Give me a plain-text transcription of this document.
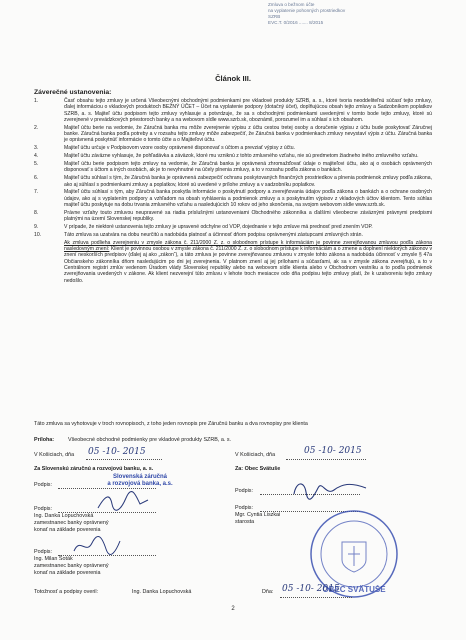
Zmluva o bežnom účte
na vyplatenie pohonných prostriedkov
SZRB
EVC.T. 0/2016 ....... 8/2015
Článok III.
Záverečné ustanovenia:
1.	Časť obsahu tejto zmluvy je určená Všeobecnými obchodnými podmienkami pre vkladové produkty SZRB, a. s., ktoré tvoria neoddeliteľnú súčasť tejto zmluvy, ďalej informáciou o vkladových produktoch BEŽNÝ ÚČET – Účet na vyplatenie podpory (dotačný účet), doplňujúcou obsah tejto zmluvy a Sadzobníkom poplatkov SZRB, a. s. Majiteľ účtu podpisom tejto zmluvy vyhlasuje a potvrdzuje, že sa s obchodnými podmienkami uvedenými v tomto bode tejto zmluvy, ktoré sú zverejnené v prevádzkových priestoroch banky a na webovom sídle www.szrb.sk, oboznámil, porozumel im a súhlasí s ich obsahom.
2.	Majiteľ účtu berie na vedomie, že Záručná banka mu môže zverejnenie výpisu z účtu cestou tretej osoby a doručenie výpisu z účtu bude poskytovať Záručnej banke. Záručná banka podľa potreby a v rozsahu tejto zmluvy môže zabezpečiť, že Záručná banka v podmienkach zmluvy nevystaví výpis z účtu. Záručná banka je oprávnená poskytnúť informácie o tomto účte a o Majiteľovi účtu.
3.	Majiteľ účtu určuje v Podpisovom vzore osoby oprávnené disponovať s účtom a prevziať výpisy z účtu.
4.	Majiteľ účtu záväzne vyhlasuje, že pohľadávka a záväzok, ktoré mu vzniknú z tohto zmluvného vzťahu, nie sú predmetom žiadneho iného zmluvného vzťahu.
5.	Majiteľ účtu berie podpisom tejto zmluvy na vedomie, že Záručná banka je oprávnená zhromažďovať údaje o majiteľovi účtu, ako aj o osobách oprávnených disponovať s účtom a iných osobách, ak je to nevyhnutné na účely plnenia zmluvy, a to v rozsahu podľa zákona o bankách.
6.	Majiteľ účtu súhlasí s tým, že Záručná banka je oprávnená zabezpečiť ochranu poskytovaných finančných prostriedkov a plnenia podmienok zmluvy podľa zákona, ako aj súhlasí s podmienkami zmluvy a poplatkov, ktoré sú uvedené v prílohe zmluvy a v sadzobníku poplatkov.
7.	Majiteľ účtu súhlasí s tým, aby Záručná banka poskytla informácie o poskytnutí podpory a zverejňovania údajov podľa zákona o bankách a o ochrane osobných údajov, ako aj s vyplatením podpory a vzhľadom na obsah vyhlásenia a podmienok zmluvy a s poskytnutím výpisov z vkladových účtov klientom. Tento súhlas majiteľ účtu poskytuje na dobu trvania zmluvného vzťahu a nasledujúcich 10 rokov od jeho skončenia, na svojom webovom sídle www.szrb.sk.
8.	Právne vzťahy touto zmluvou neupravené sa riadia príslušnými ustanoveniami Obchodného zákonníka a ďalšími všeobecne záväznými právnymi predpismi platnými na území Slovenskej republiky.
9.	V prípade, že niektoré ustanovenia tejto zmluvy je upravené odchylne od VOP, dojednanie v tejto zmluve má prednosť pred znením VOP.
10.	Táto zmluva sa uzatvára na dobu neurčitú a nadobúda platnosť a účinnosť dňom podpisu oprávnenými zástupcami zmluvných strán.
Ak zmluva podlieha zverejneniu v zmysle zákona č. 211/2000 Z. z. o slobodnom prístupe k informáciám je povinne zverejňovanou zmluvou podľa zákona nasledovným znení: Klient je povinnou osobou v zmysle zákona č. 211/2000 Z. z. o slobodnom prístupe k informáciám a o zmene a doplnení niektorých zákonov v znení neskorších predpisov (ďalej aj ako „zákon“), a táto zmluva je povinne zverejňovanou zmluvou v zmysle tohto zákona a nadobúda účinnosť v zmysle § 47a Občianskeho zákonníka dňom nasledujúcim po dni jej zverejnenia. V platnom znení aj jej prílohami a súčasťami, ak sa v zmysle zákona zverejňujú, a to v Centrálnom registri zmlúv vedenom Úradom vlády Slovenskej republiky alebo na webovom sídle klienta alebo v Obchodnom vestníku a to podľa podmienok zverejňovania uvedených v zákone. Ak klient nezverejní túto zmluvu v lehote troch mesiacov odo dňa podpisu tejto zmluvy platí, že k uzatvoreniu tejto zmluvy nedošlo.
Táto zmluva sa vyhotovuje v troch rovnopisoch, z toho jeden rovnopis pre Záručnú banku a dva rovnopisy pre klienta
Príloha:	Všeobecné obchodné podmienky pre vkladové produkty SZRB, a. s.
V Košiciach, dňa 05 -10- 2015
Za Slovenskú záručnú a rozvojovú banku, a. s.
Podpis:
Slovenská záručná
a rozvojová banka, a.s.
Podpis:
Ing. Danka Lopuchovská
zamestnanec banky oprávnený
konať na základe poverenia
Podpis:
Ing. Milan Šoták
zamestnanec banky oprávnený
konať na základe poverenia
V Košiciach, dňa	05 -10- 2015
Za: Obec Svätuše
Podpis:
Podpis:
Mgr. Cyntia Liszkai
starosta
OBEC SVÄTUŠE
Totožnosť a podpisy overil:	Ing. Danka Lopuchovská	Dňa: 05 -10- 2015
2
